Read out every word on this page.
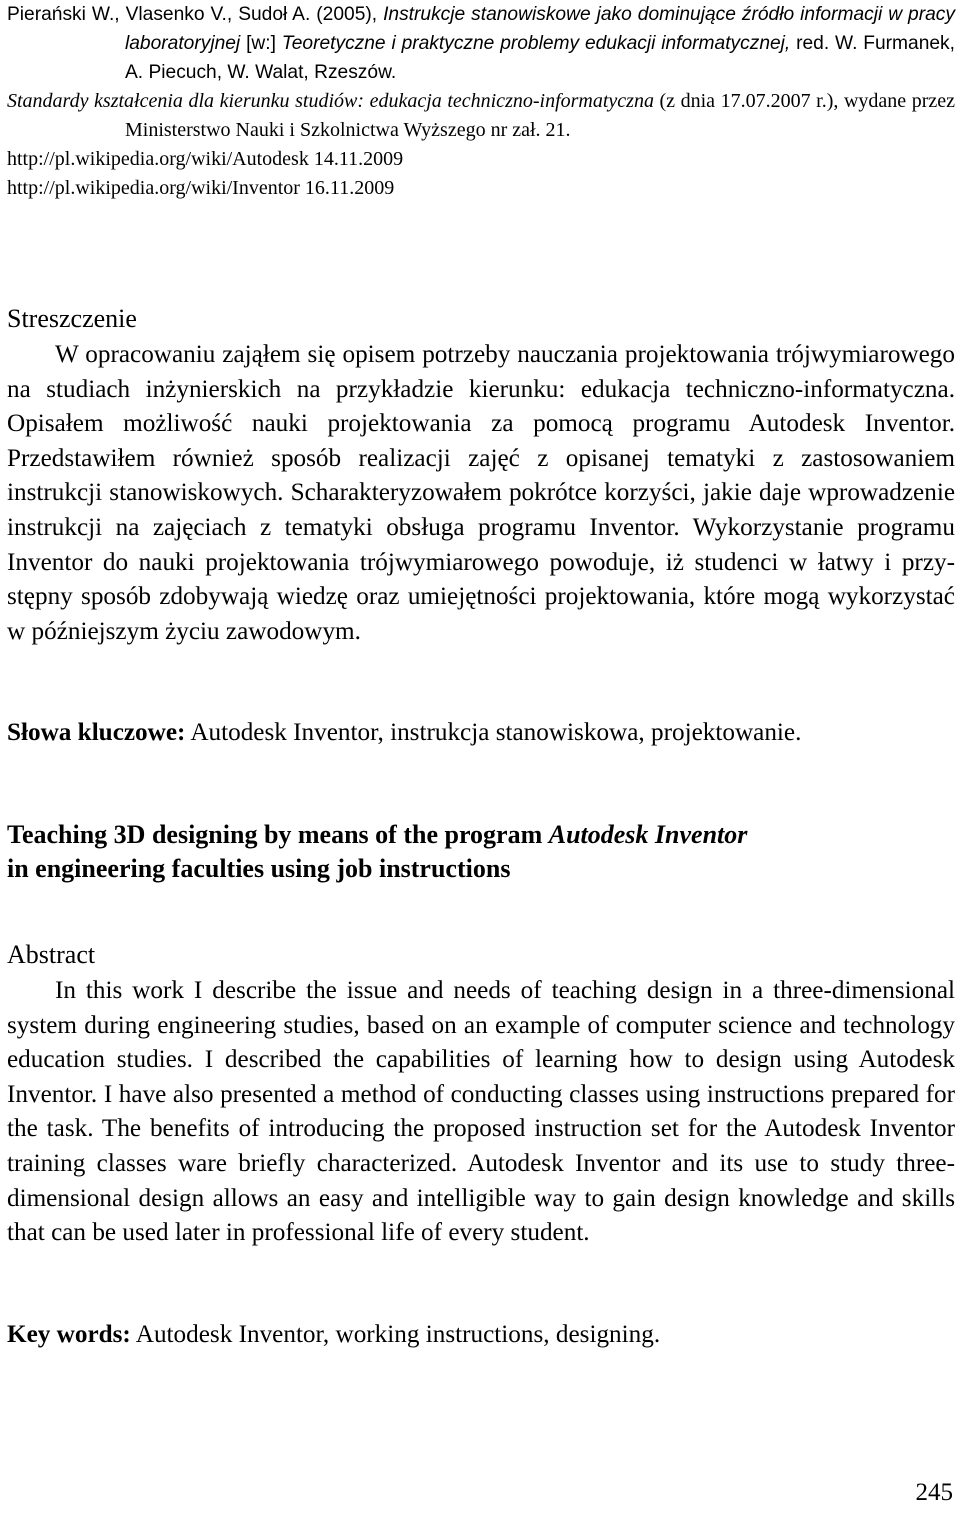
Pierański W., Vlasenko V., Sudoł A. (2005), Instrukcje stanowiskowe jako dominujące źródło informacji w pracy laboratoryjnej [w:] Teoretyczne i praktyczne problemy edukacji informatycznej, red. W. Furmanek, A. Piecuch, W. Walat, Rzeszów.

Standardy kształcenia dla kierunku studiów: edukacja techniczno-informatyczna (z dnia 17.07.2007 r.), wydane przez Ministerstwo Nauki i Szkolnictwa Wyższego nr zał. 21.

http://pl.wikipedia.org/wiki/Autodesk 14.11.2009

http://pl.wikipedia.org/wiki/Inventor 16.11.2009

Streszczenie

W opracowaniu zająłem się opisem potrzeby nauczania projektowania trójwymiarowego na studiach inżynierskich na przykładzie kierunku: edukacja techniczno-informatyczna. Opisałem możliwość nauki projektowania za pomocą programu Autodesk Inventor. Przedstawiłem również sposób realizacji zajęć z opisanej tematyki z zastosowaniem instrukcji stanowiskowych. Scharakteryzowałem pokrótce korzyści, jakie daje wprowadzenie instrukcji na zajęciach z tematyki obsługa programu Inventor. Wykorzystanie programu Inventor do nauki projektowania trójwymiarowego powoduje, iż studenci w łatwy i przystępny sposób zdobywają wiedzę oraz umiejętności projektowania, które mogą wykorzystać w późniejszym życiu zawodowym.

Słowa kluczowe: Autodesk Inventor, instrukcja stanowiskowa, projektowanie.

Teaching 3D designing by means of the program Autodesk Inventor
in engineering faculties using job instructions

Abstract

In this work I describe the issue and needs of teaching design in a three-dimensional system during engineering studies, based on an example of computer science and technology education studies. I described the capabilities of learning how to design using Autodesk Inventor. I have also presented a method of conducting classes using instructions prepared for the task. The benefits of introducing the proposed instruction set for the Autodesk Inventor training classes ware briefly characterized. Autodesk Inventor and its use to study three-dimensional design allows an easy and intelligible way to gain design knowledge and skills that can be used later in professional life of every student.

Key words: Autodesk Inventor, working instructions, designing.

245
